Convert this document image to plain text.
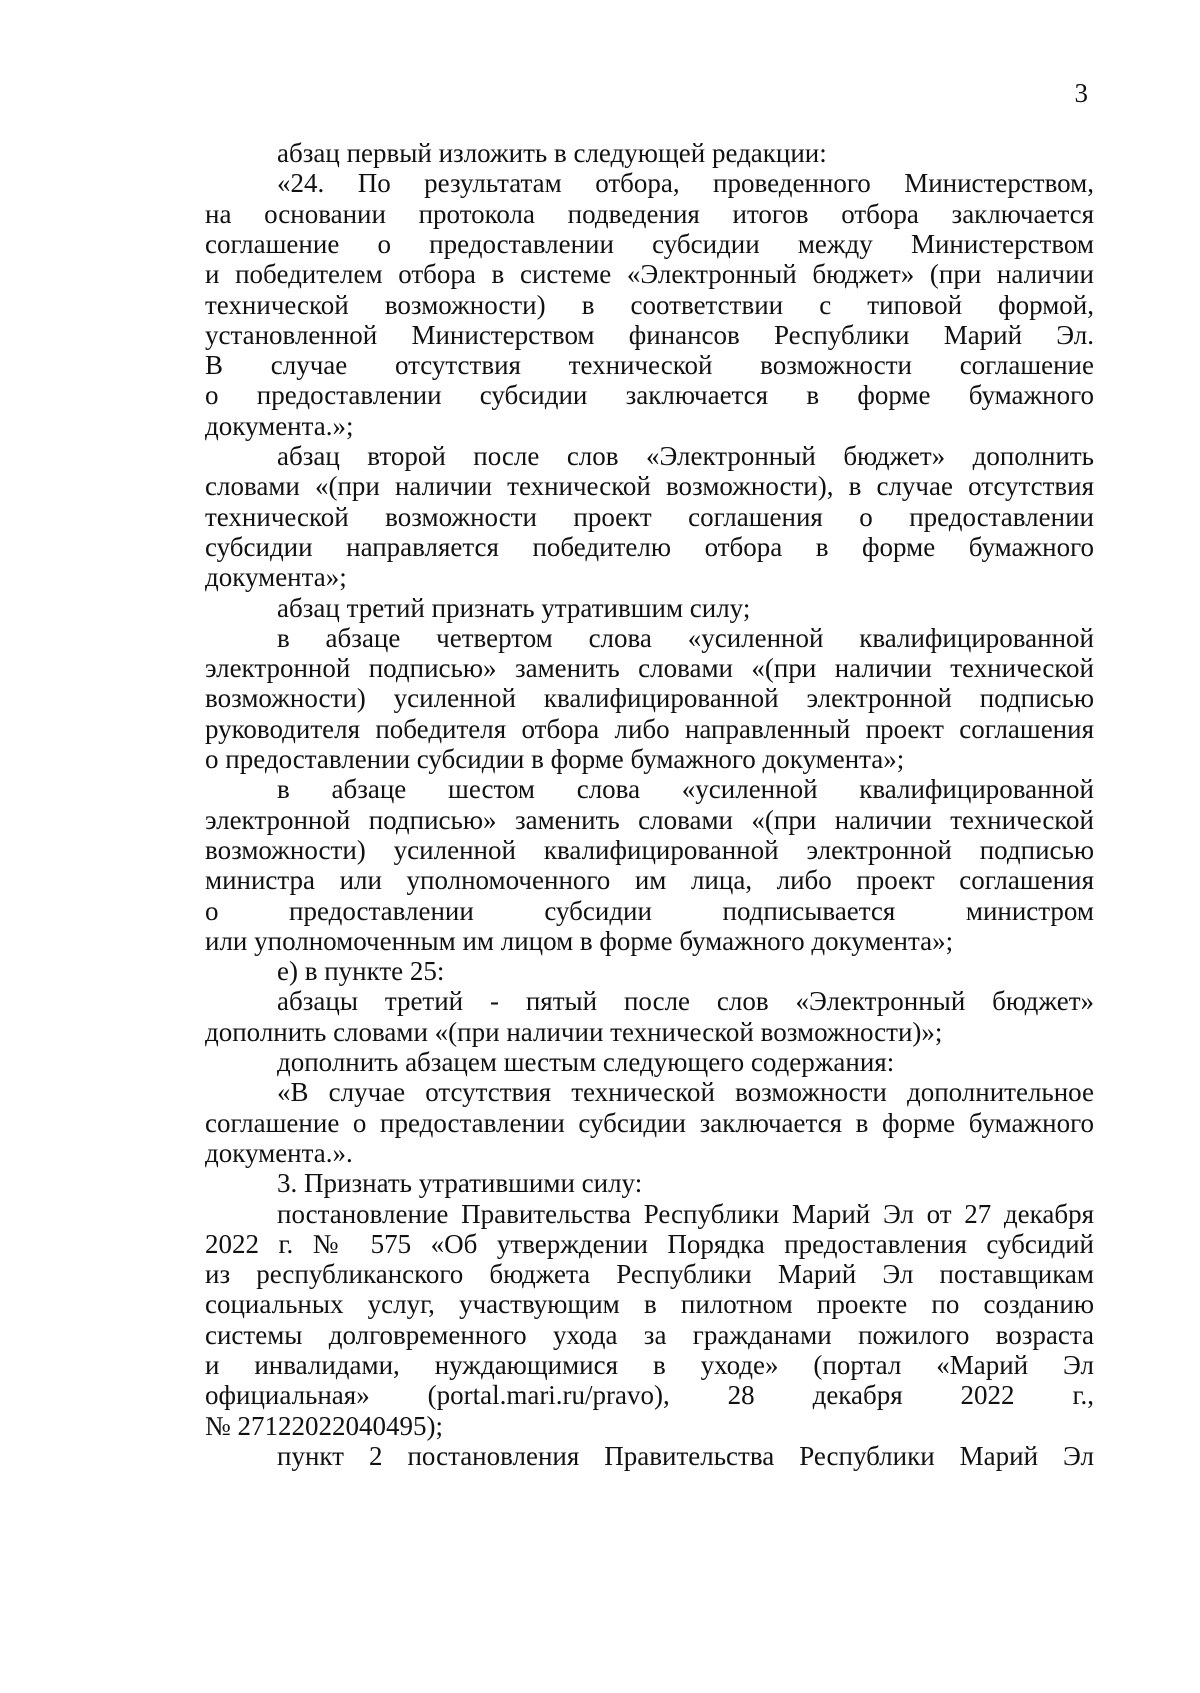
3
абзац первый изложить в следующей редакции:
«24. По результатам отбора, проведенного Министерством,
на основании протокола подведения итогов отбора заключается
соглашение о предоставлении субсидии между Министерством
и победителем отбора в системе «Электронный бюджет» (при наличии
технической возможности) в соответствии с типовой формой,
установленной Министерством финансов Республики Марий Эл.
В случае отсутствия технической возможности соглашение
о предоставлении субсидии заключается в форме бумажного
документа.»;
абзац второй после слов «Электронный бюджет» дополнить
словами «(при наличии технической возможности), в случае отсутствия
технической возможности проект соглашения о предоставлении
субсидии направляется победителю отбора в форме бумажного
документа»;
абзац третий признать утратившим силу;
в абзаце четвертом слова «усиленной квалифицированной
электронной подписью» заменить словами «(при наличии технической
возможности) усиленной квалифицированной электронной подписью
руководителя победителя отбора либо направленный проект соглашения
о предоставлении субсидии в форме бумажного документа»;
в абзаце шестом слова «усиленной квалифицированной
электронной подписью» заменить словами «(при наличии технической
возможности) усиленной квалифицированной электронной подписью
министра или уполномоченного им лица, либо проект соглашения
о предоставлении субсидии подписывается министром
или уполномоченным им лицом в форме бумажного документа»;
е) в пункте 25:
абзацы третий - пятый после слов «Электронный бюджет»
дополнить словами «(при наличии технической возможности)»;
дополнить абзацем шестым следующего содержания:
«В случае отсутствия технической возможности дополнительное
соглашение о предоставлении субсидии заключается в форме бумажного
документа.».
3. Признать утратившими силу:
постановление Правительства Республики Марий Эл от 27 декабря
2022 г. № 575 «Об утверждении Порядка предоставления субсидий
из республиканского бюджета Республики Марий Эл поставщикам
социальных услуг, участвующим в пилотном проекте по созданию
системы долговременного ухода за гражданами пожилого возраста
и инвалидами, нуждающимися в уходе» (портал «Марий Эл
официальная» (portal.mari.ru/pravo), 28 декабря 2022 г.,
№ 27122022040495);
пункт 2 постановления Правительства Республики Марий Эл
